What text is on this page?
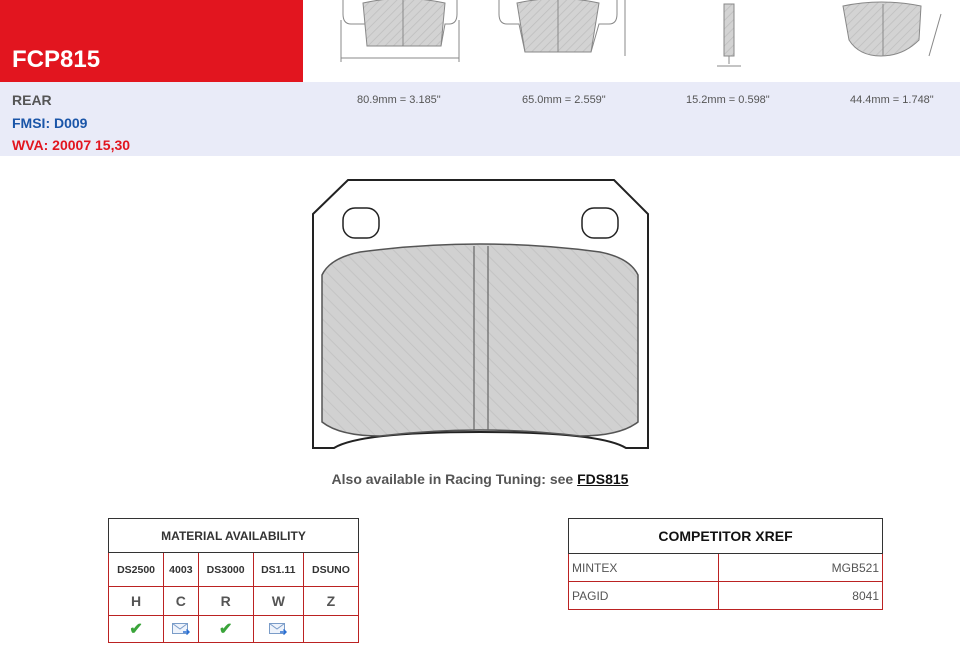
FCP815
REAR
FMSI: D009
WVA: 20007 15,30
80.9mm = 3.185"	65.0mm = 2.559"	15.2mm = 0.598"	44.4mm = 1.748"
Also available in Racing Tuning: see FDS815
MATERIAL AVAILABILITY				
DS2500	4003	DS3000	DS1.11	DSUNO
H	C	R	W	Z
✔		✔		
COMPETITOR XREF	
MINTEX	MGB521
PAGID	8041
